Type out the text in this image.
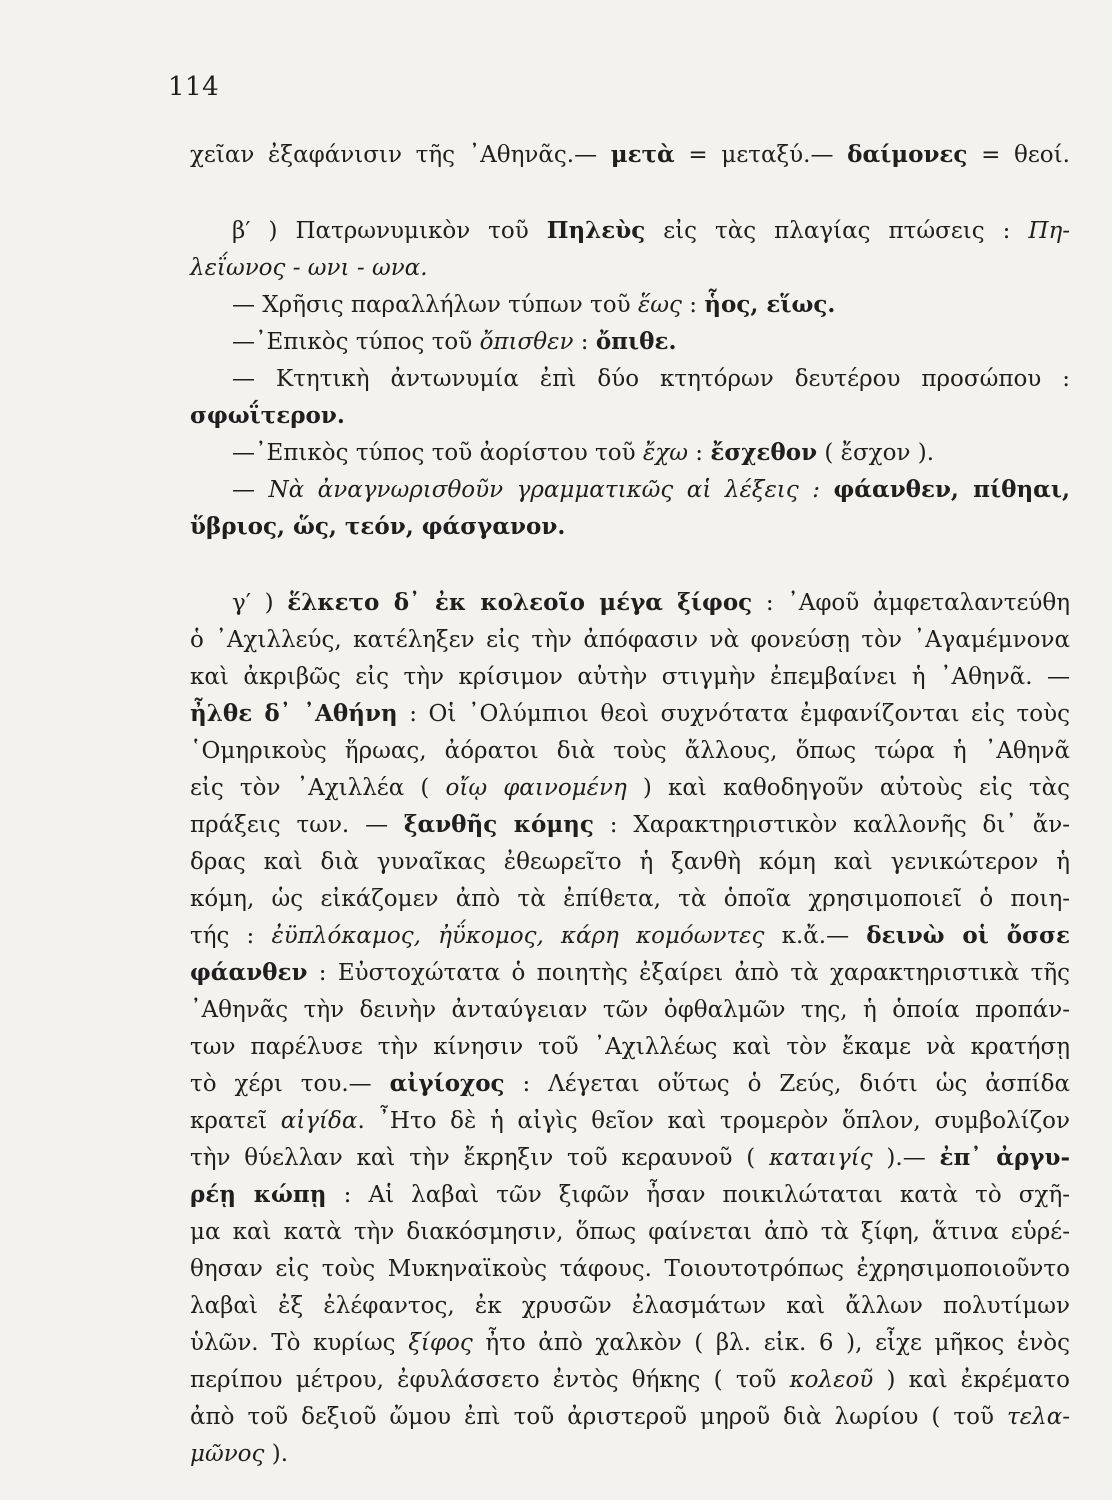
114
χεῖαν ἐξαφάνισιν τῆς ᾿Αθηνᾶς.— μετὰ = μεταξύ.— δαίμονες = θεοί.
β′ ) Πατρωνυμικὸν τοῦ Πηλεὺς εἰς τὰς πλαγίας πτώσεις : Πη-
λεΐωνος - ωνι - ωνα.
— Χρῆσις παραλλήλων τύπων τοῦ ἕως : ἧος, εἵως.
—᾿Επικὸς τύπος τοῦ ὄπισθεν : ὄπιθε.
— Κτητικὴ ἀντωνυμία ἐπὶ δύο κτητόρων δευτέρου προσώπου :
σφωΐτερον.
—᾿Επικὸς τύπος τοῦ ἀορίστου τοῦ ἔχω : ἔσχεθον ( ἔσχον ).
— Νὰ ἀναγνωρισθοῦν γραμματικῶς αἱ λέξεις : φάανθεν, πίθηαι,
ὕβριος, ὥς, τεόν, φάσγανον.
γ′ ) ἕλκετο δ᾿ ἐκ κολεοῖο μέγα ξίφος : ᾿Αφοῦ ἀμφεταλαντεύθη
ὁ ᾿Αχιλλεύς, κατέληξεν εἰς τὴν ἀπόφασιν νὰ φονεύσῃ τὸν ᾿Αγαμέμνονα
καὶ ἀκριβῶς εἰς τὴν κρίσιμον αὐτὴν στιγμὴν ἐπεμβαίνει ἡ ᾿Αθηνᾶ. —
ἦλθε δ᾿ ᾿Αθήνη : Οἱ ᾿Ολύμπιοι θεοὶ συχνότατα ἐμφανίζονται εἰς τοὺς
῾Ομηρικοὺς ἥρωας, ἀόρατοι διὰ τοὺς ἄλλους, ὅπως τώρα ἡ ᾿Αθηνᾶ
εἰς τὸν ᾿Αχιλλέα ( οἴῳ φαινομένη ) καὶ καθοδηγοῦν αὐτοὺς εἰς τὰς
πράξεις των. — ξανθῆς κόμης : Χαρακτηριστικὸν καλλονῆς δι᾿ ἄν-
δρας καὶ διὰ γυναῖκας ἐθεωρεῖτο ἡ ξανθὴ κόμη καὶ γενικώτερον ἡ
κόμη, ὡς εἰκάζομεν ἀπὸ τὰ ἐπίθετα, τὰ ὁποῖα χρησιμοποιεῖ ὁ ποιη-
τής : ἐϋπλόκαμος, ἠΰκομος, κάρη κομόωντες κ.ἄ.— δεινὼ οἱ ὄσσε
φάανθεν : Εὐστοχώτατα ὁ ποιητὴς ἐξαίρει ἀπὸ τὰ χαρακτηριστικὰ τῆς
᾿Αθηνᾶς τὴν δεινὴν ἀνταύγειαν τῶν ὀφθαλμῶν της, ἡ ὁποία προπάν-
των παρέλυσε τὴν κίνησιν τοῦ ᾿Αχιλλέως καὶ τὸν ἔκαμε νὰ κρατήσῃ
τὸ χέρι του.— αἰγίοχος : Λέγεται οὕτως ὁ Ζεύς, διότι ὡς ἀσπίδα
κρατεῖ αἰγίδα. ῏Ητο δὲ ἡ αἰγὶς θεῖον καὶ τρομερὸν ὅπλον, συμβολίζον
τὴν θύελλαν καὶ τὴν ἔκρηξιν τοῦ κεραυνοῦ ( καταιγίς ).— ἐπ᾿ ἀργυ-
ρέῃ κώπῃ : Αἱ λαβαὶ τῶν ξιφῶν ἦσαν ποικιλώταται κατὰ τὸ σχῆ-
μα καὶ κατὰ τὴν διακόσμησιν, ὅπως φαίνεται ἀπὸ τὰ ξίφη, ἅτινα εὑρέ-
θησαν εἰς τοὺς Μυκηναϊκοὺς τάφους. Τοιουτοτρόπως ἐχρησιμοποιοῦντο
λαβαὶ ἐξ ἐλέφαντος, ἐκ χρυσῶν ἐλασμάτων καὶ ἄλλων πολυτίμων
ὑλῶν. Τὸ κυρίως ξίφος ἦτο ἀπὸ χαλκὸν ( βλ. εἰκ. 6 ), εἶχε μῆκος ἑνὸς
περίπου μέτρου, ἐφυλάσσετο ἐντὸς θήκης ( τοῦ κολεοῦ ) καὶ ἐκρέματο
ἀπὸ τοῦ δεξιοῦ ὤμου ἐπὶ τοῦ ἀριστεροῦ μηροῦ διὰ λωρίου ( τοῦ τελα-
μῶνος ).
